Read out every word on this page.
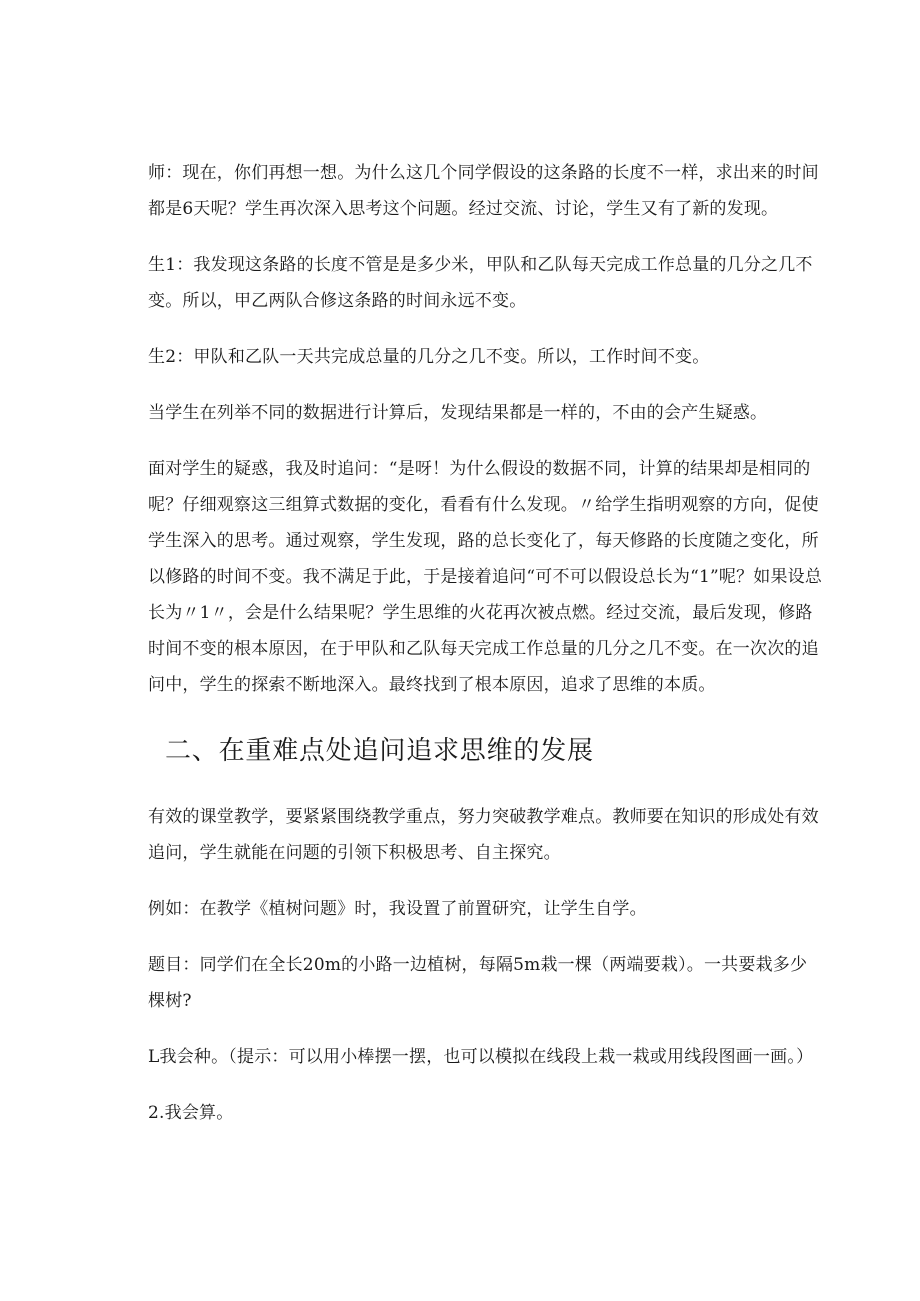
师：现在，你们再想一想。为什么这几个同学假设的这条路的长度不一样，求出来的时间都是6天呢？学生再次深入思考这个问题。经过交流、讨论，学生又有了新的发现。

生1：我发现这条路的长度不管是是多少米，甲队和乙队每天完成工作总量的几分之几不变。所以，甲乙两队合修这条路的时间永远不变。

生2：甲队和乙队一天共完成总量的几分之几不变。所以，工作时间不变。

当学生在列举不同的数据进行计算后，发现结果都是一样的，不由的会产生疑惑。

面对学生的疑惑，我及时追问：“是呀！为什么假设的数据不同，计算的结果却是相同的呢？仔细观察这三组算式数据的变化，看看有什么发现。〃给学生指明观察的方向，促使学生深入的思考。通过观察，学生发现，路的总长变化了，每天修路的长度随之变化，所以修路的时间不变。我不满足于此，于是接着追问“可不可以假设总长为“1”呢？如果设总长为〃1〃，会是什么结果呢？学生思维的火花再次被点燃。经过交流，最后发现，修路时间不变的根本原因，在于甲队和乙队每天完成工作总量的几分之几不变。在一次次的追问中，学生的探索不断地深入。最终找到了根本原因，追求了思维的本质。

二、在重难点处追问追求思维的发展

有效的课堂教学，要紧紧围绕教学重点，努力突破教学难点。教师要在知识的形成处有效追问，学生就能在问题的引领下积极思考、自主探究。

例如：在教学《植树问题》时，我设置了前置研究，让学生自学。

题目：同学们在全长20m的小路一边植树，每隔5m栽一棵（两端要栽）。一共要栽多少棵树?

L我会种。（提示：可以用小棒摆一摆，也可以模拟在线段上栽一栽或用线段图画一画。）

2.我会算。
